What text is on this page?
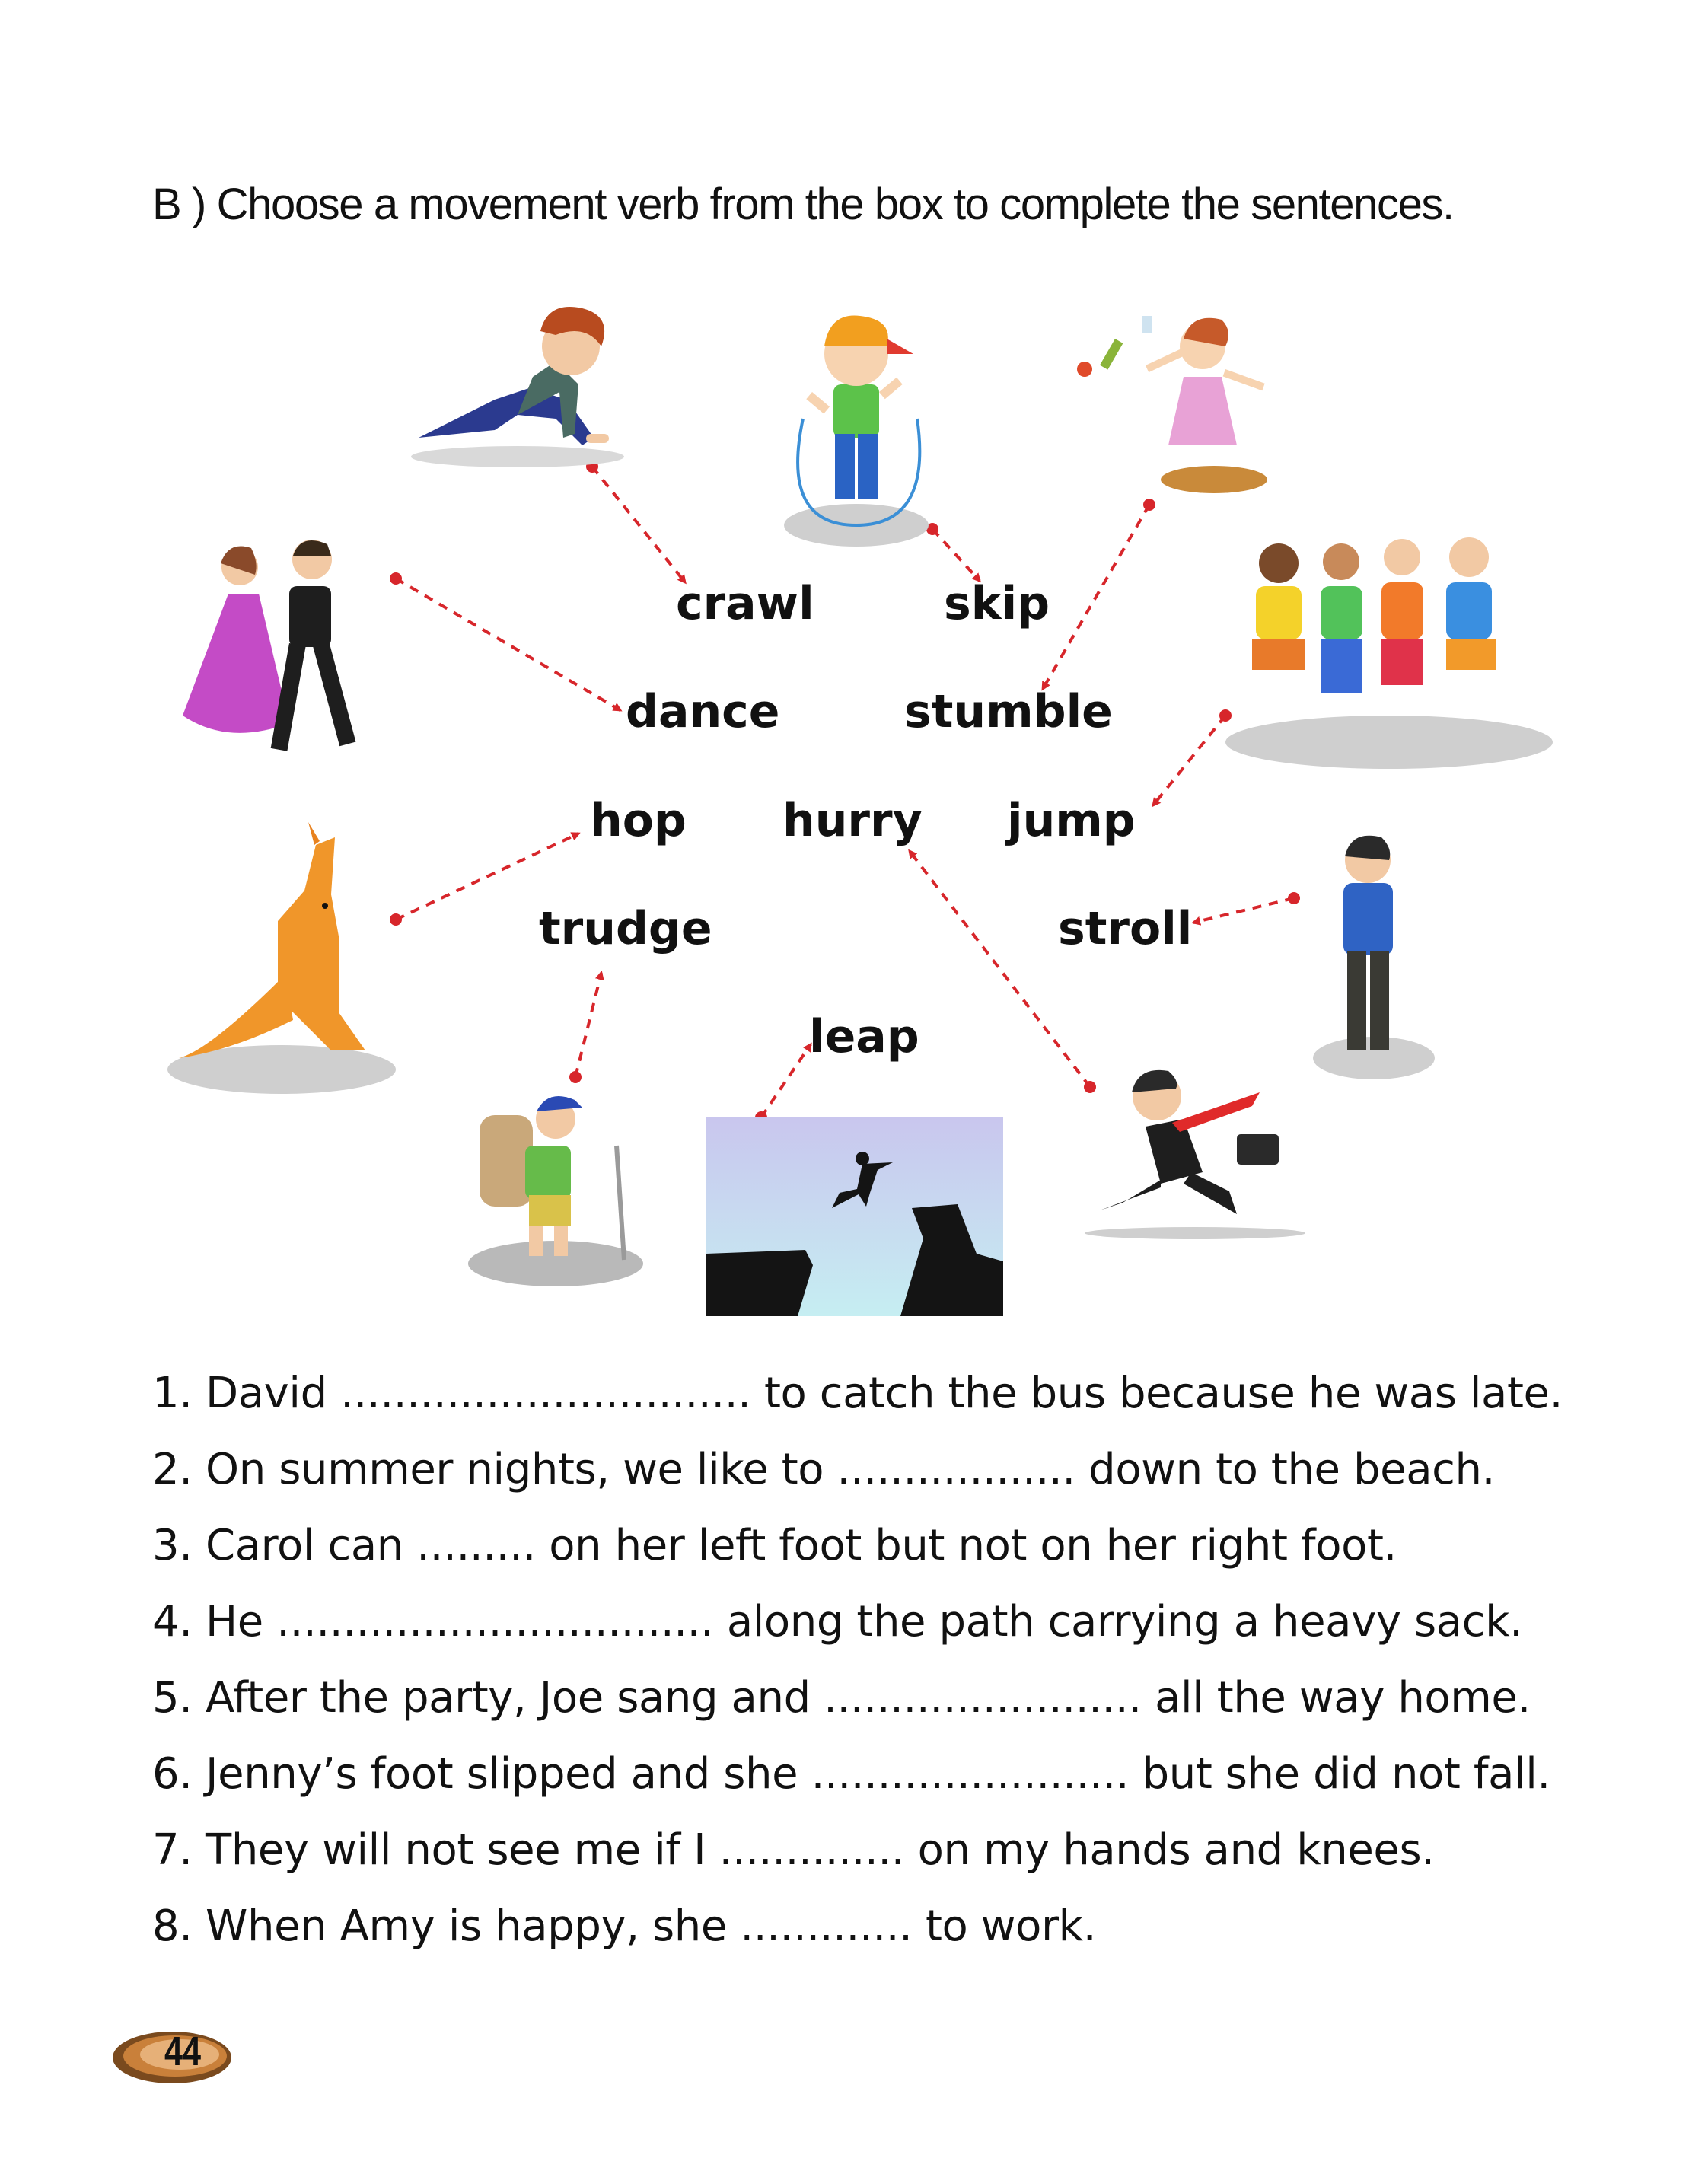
B ) Choose a movement verb from the box to complete the sentences.
crawl	skip
dance	stumble
hop hurry jump
trudge	stroll
leap
1. David ............................... to catch the bus because he was late.
2. On summer nights, we like to .................. down to the beach.
3. Carol can ......... on her left foot but not on her right foot.
4. He ................................. along the path carrying a heavy sack.
5. After the party, Joe sang and ........................ all the way home.
6. Jenny’s foot slipped and she ........................ but she did not fall.
7. They will not see me if I .............. on my hands and knees.
8. When Amy is happy, she ............. to work.
44
